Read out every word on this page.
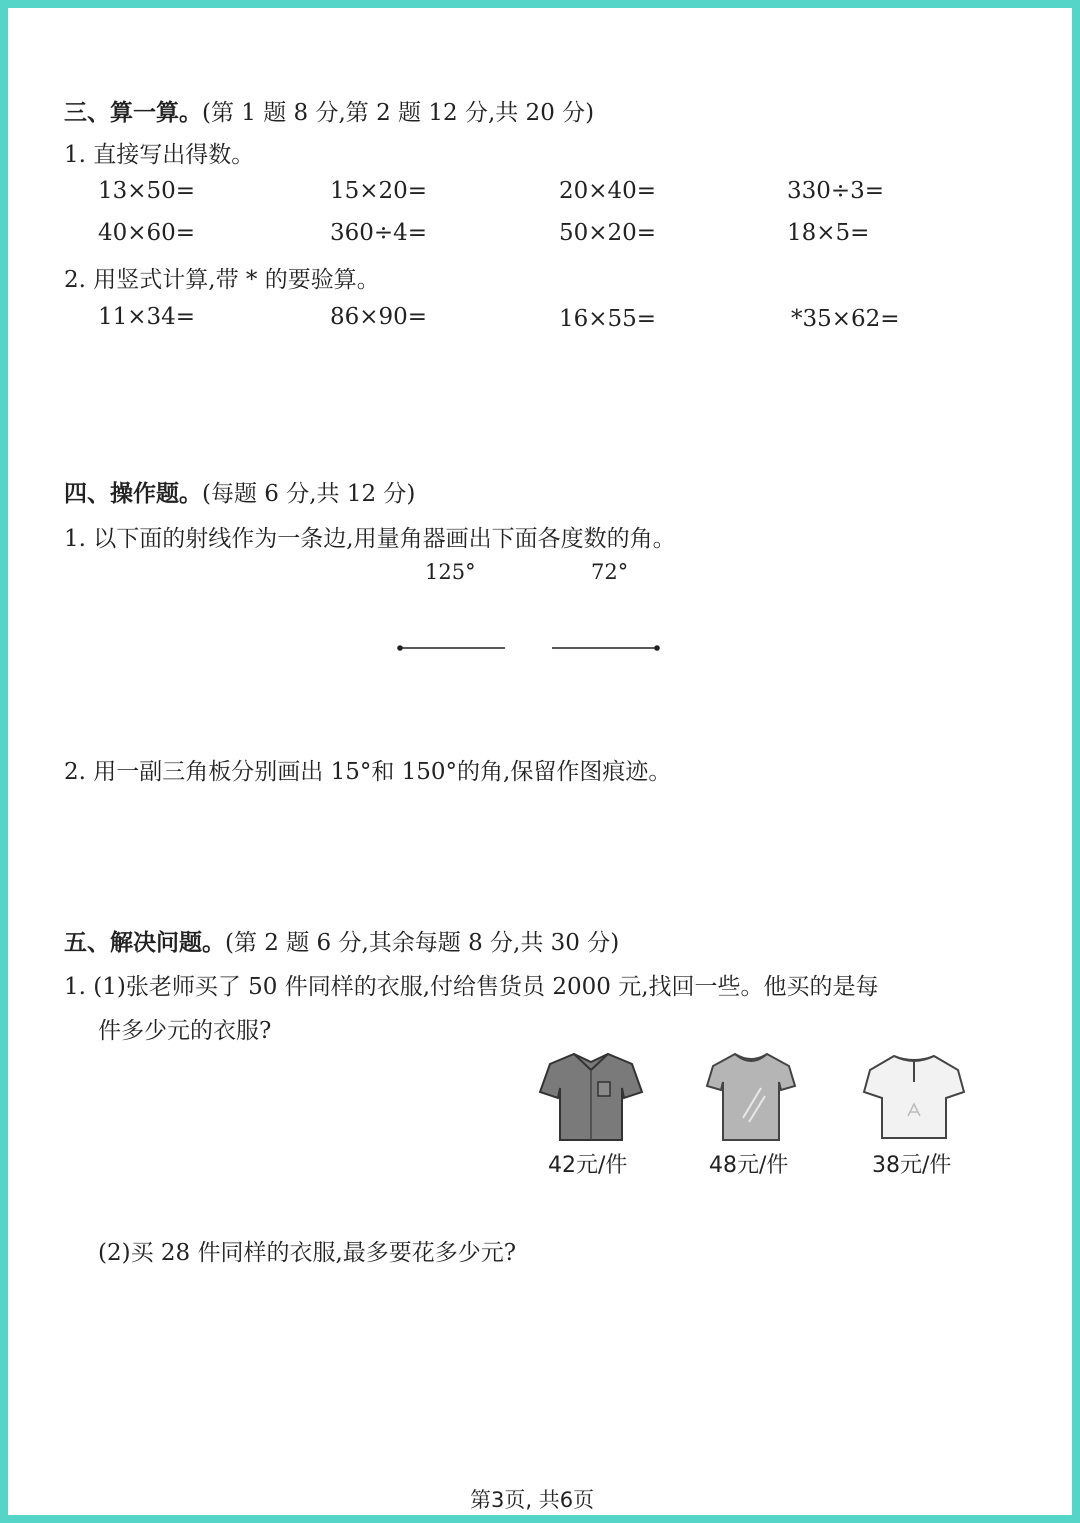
三、算一算。(第 1 题 8 分,第 2 题 12 分,共 20 分)
1. 直接写出得数。
13×50=	15×20=	20×40=	330÷3=
40×60=	360÷4=	50×20=	18×5=
2. 用竖式计算,带 * 的要验算。
11×34=	86×90=	16×55=	*35×62=
四、操作题。(每题 6 分,共 12 分)
1. 以下面的射线作为一条边,用量角器画出下面各度数的角。
125°	72°
2. 用一副三角板分别画出 15°和 150°的角,保留作图痕迹。
五、解决问题。(第 2 题 6 分,其余每题 8 分,共 30 分)
1. (1)张老师买了 50 件同样的衣服,付给售货员 2000 元,找回一些。他买的是每
件多少元的衣服?
42元/件	48元/件	38元/件
(2)买 28 件同样的衣服,最多要花多少元?
第3页, 共6页
